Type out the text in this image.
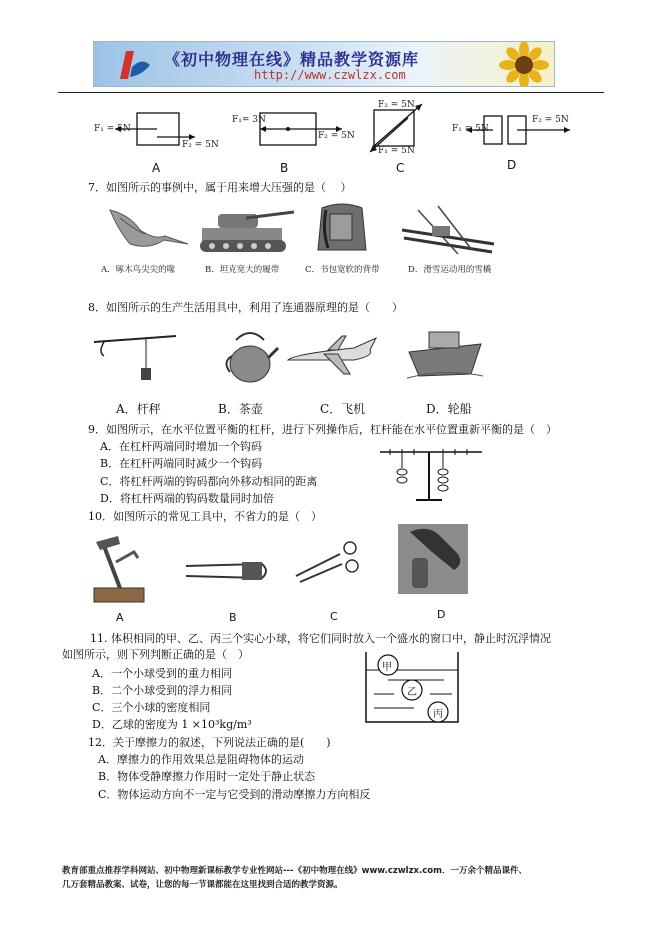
《初中物理在线》精品教学资源库
http://www.czwlzx.com
F₁ = 5N
F₂ = 5N
A
F₁= 3N
F₂ = 5N
B
F₂ = 5N
F₁ = 5N
C
F₁ = 5N
F₂ = 5N
D
7．如图所示的事例中，属于用来增大压强的是（　 ）
A．啄木鸟尖尖的喙	B．坦克宽大的履带	C．书包宽软的背带	D．滑雪运动用的雪橇
8．如图所示的生产生活用具中，利用了连通器原理的是（　　）
A．杆秤	B．茶壶	C．飞机	D．轮船
9．如图所示，在水平位置平衡的杠杆，进行下列操作后，杠杆能在水平位置重新平衡的是（　）
A．在杠杆两端同时增加一个钩码
B．在杠杆两端同时减少一个钩码
C．将杠杆两端的钩码都向外移动相同的距离
D．将杠杆两端的钩码数量同时加倍
10．如图所示的常见工具中，不省力的是（　）
A	B	C	D
11. 体积相同的甲、乙、丙三个实心小球，将它们同时放入一个盛水的窗口中，静止时沉浮情况
如图所示，则下列判断正确的是（　）
A．一个小球受到的重力相同
B．二个小球受到的浮力相同
C．三个小球的密度相同
D．乙球的密度为 1 ×10³kg/m³
甲
乙
丙
12．关于摩擦力的叙述，下列说法正确的是(　　)
A．摩擦力的作用效果总是阻碍物体的运动
B．物体受静摩擦力作用时一定处于静止状态
C．物体运动方向不一定与它受到的滑动摩擦力方向相反
教育部重点推荐学科网站、初中物理新课标教学专业性网站---《初中物理在线》www.czwlzx.com．一万余个精品课件、
几万套精品教案、试卷，让您的每一节课都能在这里找到合适的教学资源。
